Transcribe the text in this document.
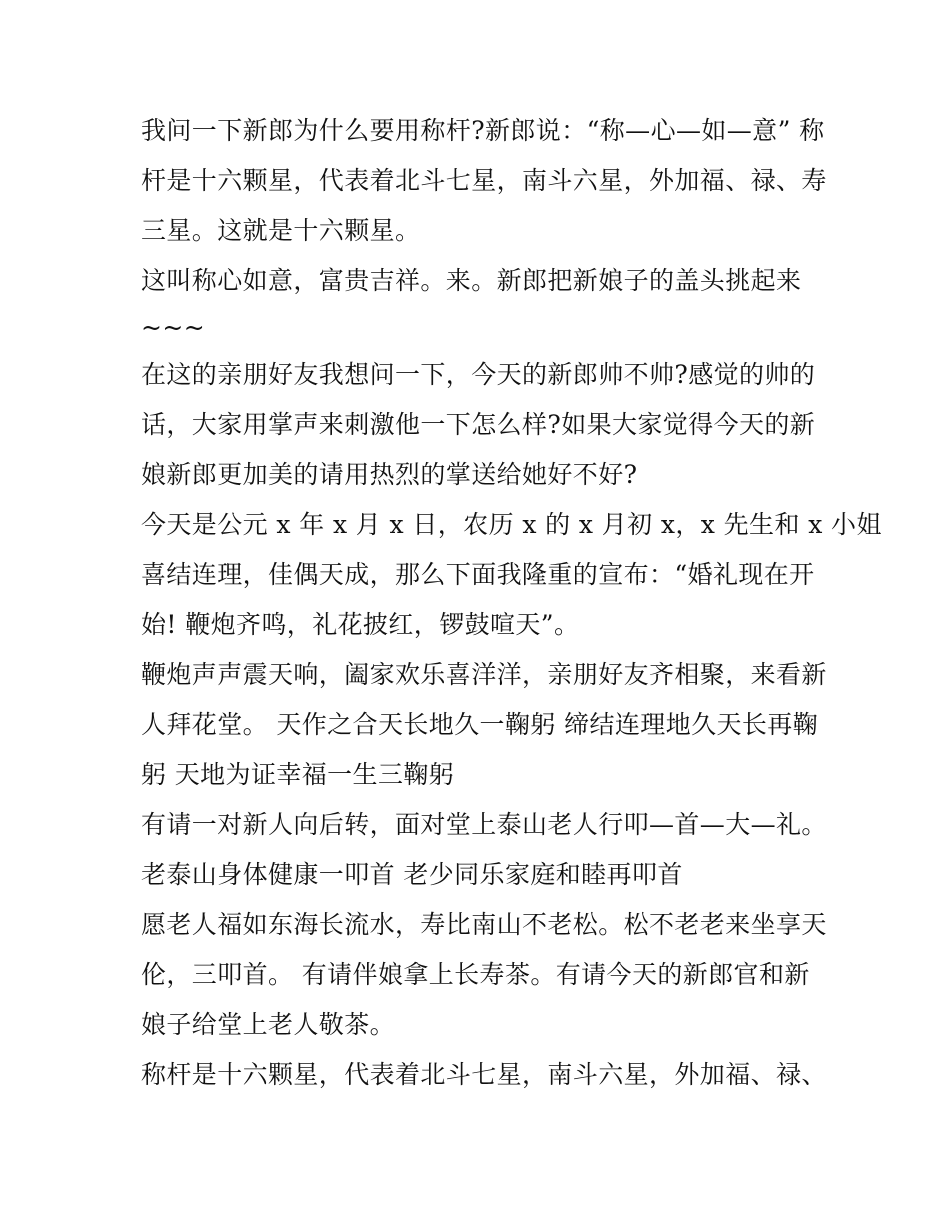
我问一下新郎为什么要用称杆?新郎说：“称—心—如—意” 称
杆是十六颗星，代表着北斗七星，南斗六星，外加福、禄、寿
三星。这就是十六颗星。
这叫称心如意，富贵吉祥。来。新郎把新娘子的盖头挑起来
~~~
在这的亲朋好友我想问一下，今天的新郎帅不帅?感觉的帅的
话，大家用掌声来刺激他一下怎么样?如果大家觉得今天的新
娘新郎更加美的请用热烈的掌送给她好不好?
今天是公元 x 年 x 月 x 日，农历 x 的 x 月初 x，x 先生和 x 小姐
喜结连理，佳偶天成，那么下面我隆重的宣布：“婚礼现在开
始! 鞭炮齐鸣，礼花披红，锣鼓喧天”。
鞭炮声声震天响，阖家欢乐喜洋洋，亲朋好友齐相聚，来看新
人拜花堂。 天作之合天长地久一鞠躬 缔结连理地久天长再鞠
躬 天地为证幸福一生三鞠躬
有请一对新人向后转，面对堂上泰山老人行叩—首—大—礼。
老泰山身体健康一叩首 老少同乐家庭和睦再叩首
愿老人福如东海长流水，寿比南山不老松。松不老老来坐享天
伦，三叩首。 有请伴娘拿上长寿茶。有请今天的新郎官和新
娘子给堂上老人敬茶。
称杆是十六颗星，代表着北斗七星，南斗六星，外加福、禄、
